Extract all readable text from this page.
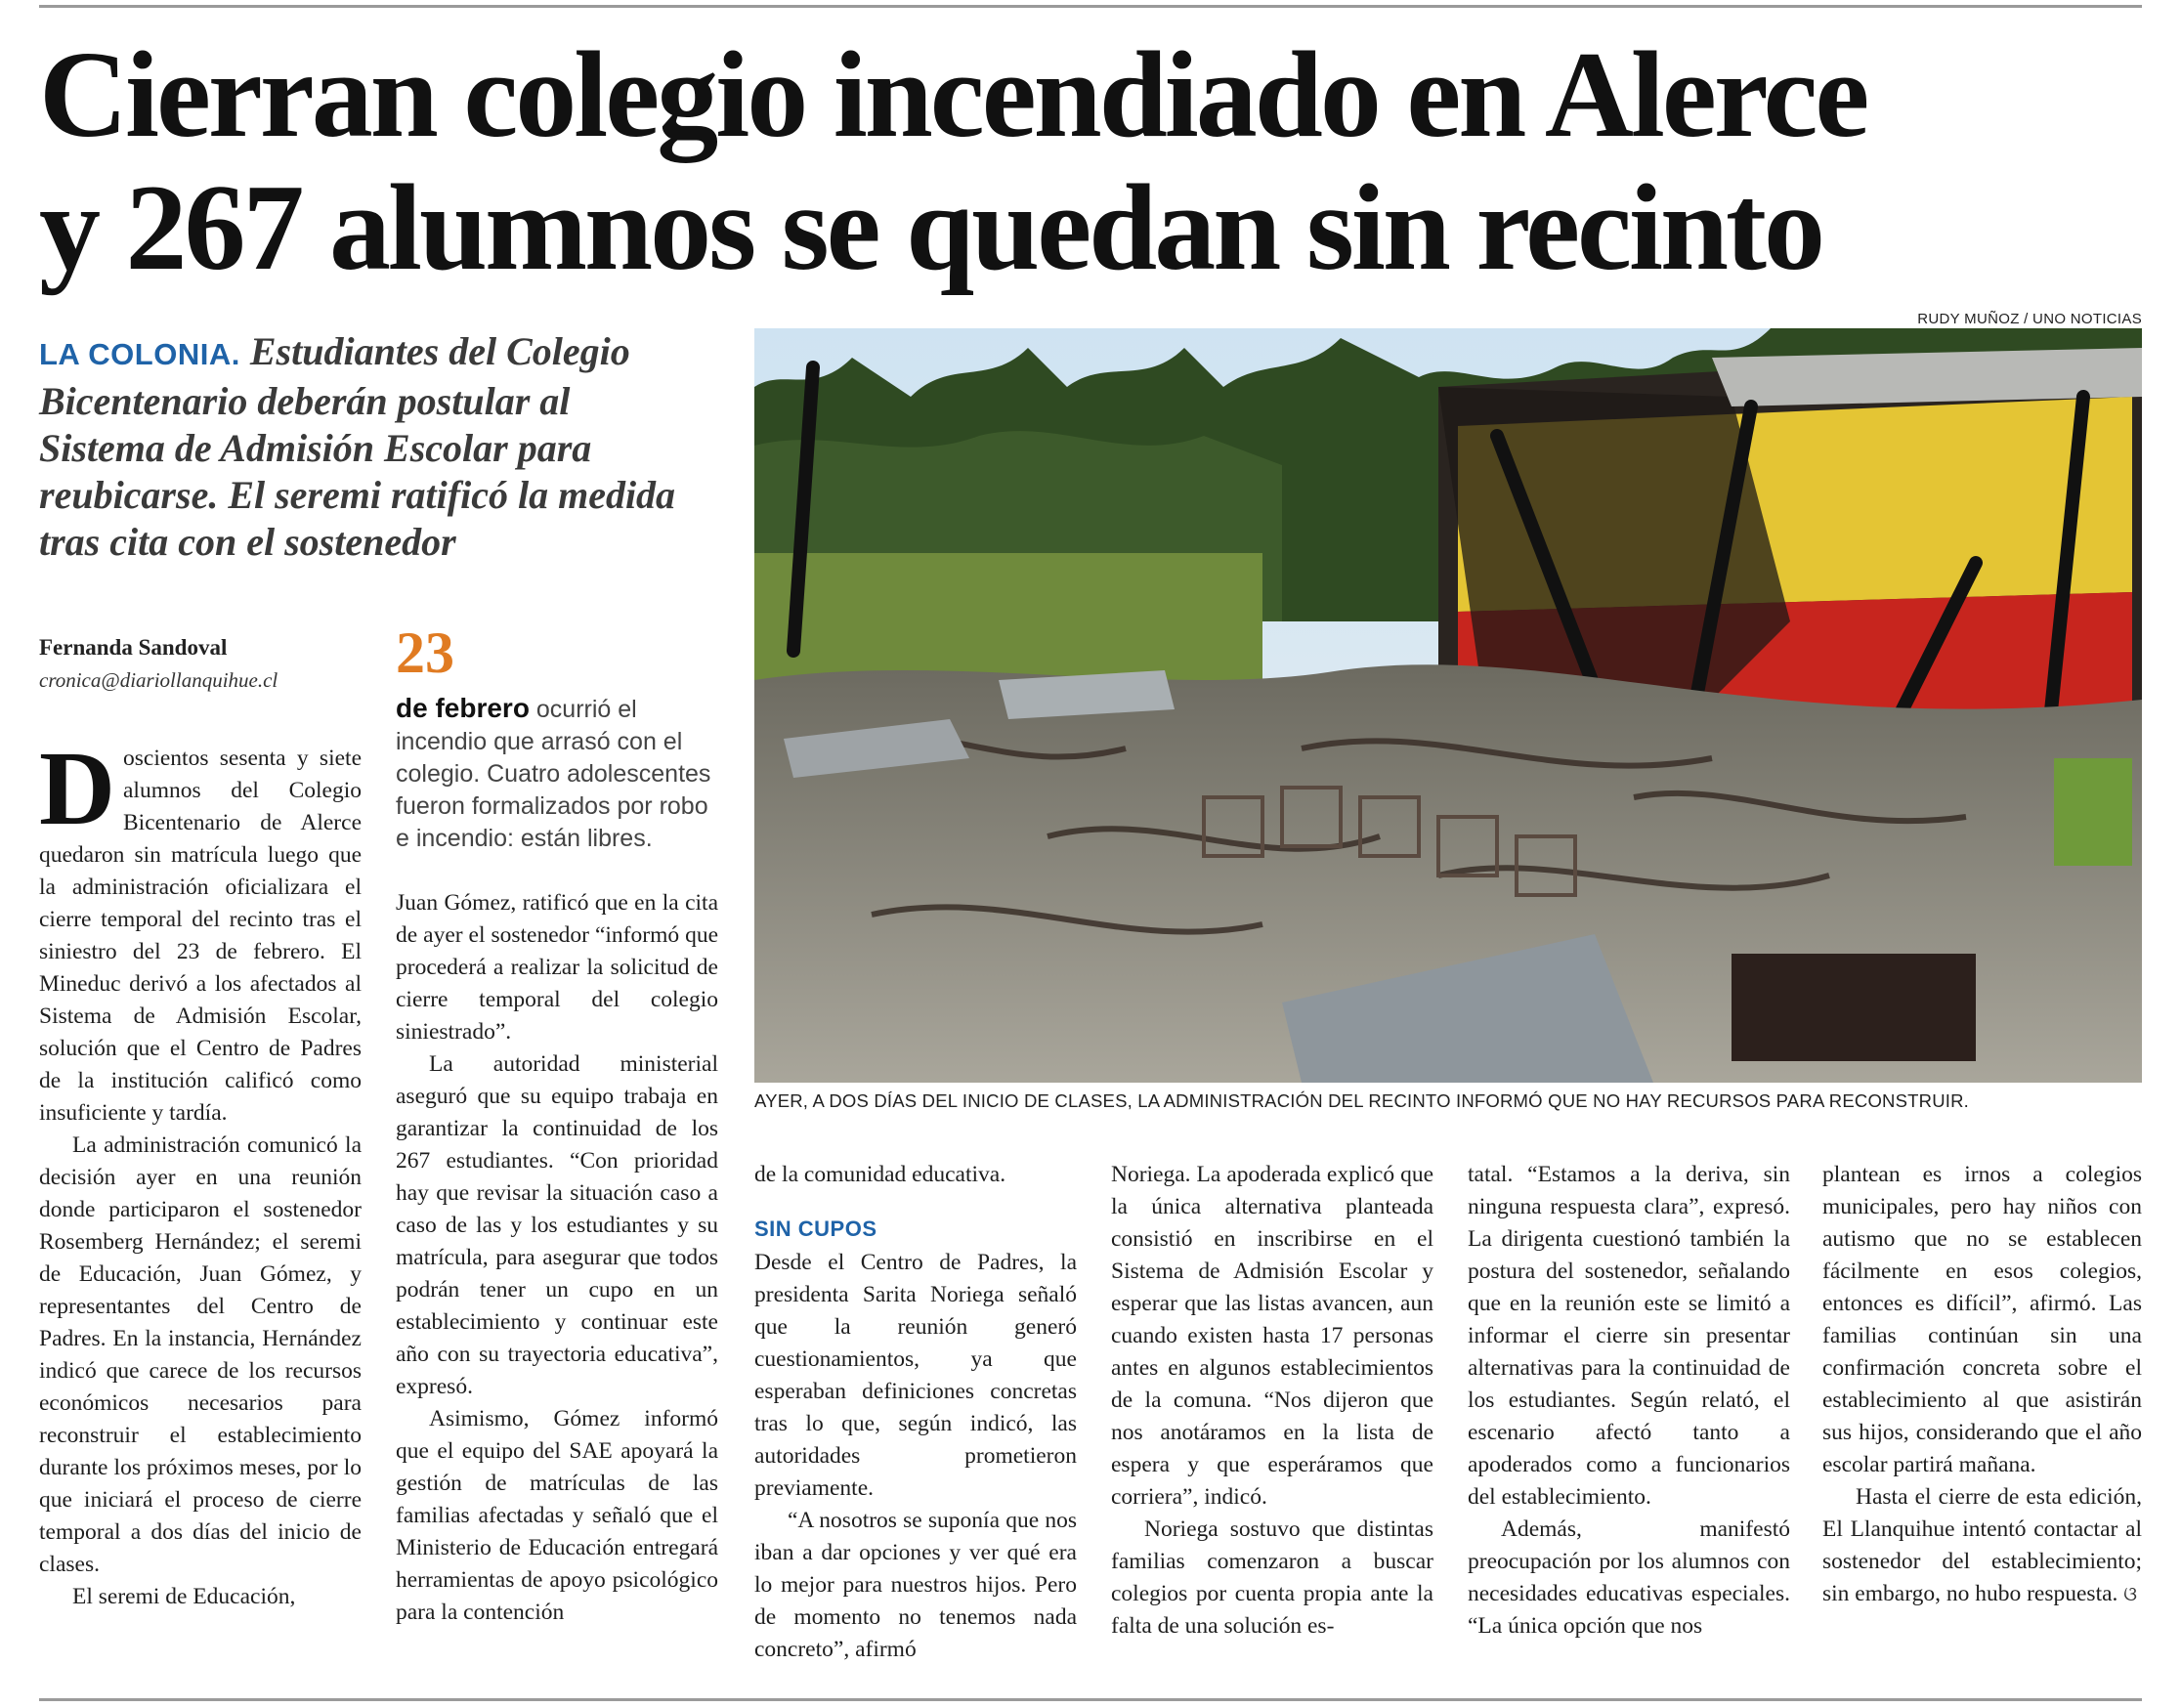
Cierran colegio incendiado en Alerce
y 267 alumnos se quedan sin recinto
RUDY MUÑOZ / UNO NOTICIAS
LA COLONIA. Estudiantes del Colegio Bicentenario deberán postular al Sistema de Admisión Escolar para reubicarse. El seremi ratificó la medida tras cita con el sostenedor
Fernanda Sandoval
cronica@diariollanquihue.cl 23
de febrero ocurrió el incendio que arrasó con el colegio. Cuatro adolescentes fueron formalizados por robo e incendio: están libres.

Doscientos sesenta y siete alumnos del Colegio Bicentenario de Alerce quedaron sin matrícula luego que la administración oficializara el cierre temporal del recinto tras el siniestro del 23 de febrero. El Mineduc derivó a los afectados al Sistema de Admisión Escolar, solución que el Centro de Padres de la institución calificó como insuficiente y tardía.

La administración comunicó la decisión ayer en una reunión donde participaron el sostenedor Rosemberg Hernández; el seremi de Educación, Juan Gómez, y representantes del Centro de Padres. En la instancia, Hernández indicó que carece de los recursos económicos necesarios para reconstruir el establecimiento durante los próximos meses, por lo que iniciará el proceso de cierre temporal a dos días del inicio de clases.

El seremi de Educación,

Juan Gómez, ratificó que en la cita de ayer el sostenedor “informó que procederá a realizar la solicitud de cierre temporal del colegio siniestrado”.

La autoridad ministerial aseguró que su equipo trabaja en garantizar la continuidad de los 267 estudiantes. “Con prioridad hay que revisar la situación caso a caso de las y los estudiantes y su matrícula, para asegurar que todos podrán tener un cupo en un establecimiento y continuar este año con su trayectoria educativa”, expresó.

Asimismo, Gómez informó que el equipo del SAE apoyará la gestión de matrículas de las familias afectadas y señaló que el Ministerio de Educación entregará herramientas de apoyo psicológico para la contención

AYER, A DOS DÍAS DEL INICIO DE CLASES, LA ADMINISTRACIÓN DEL RECINTO INFORMÓ QUE NO HAY RECURSOS PARA RECONSTRUIR.

de la comunidad educativa.

SIN CUPOS

Desde el Centro de Padres, la presidenta Sarita Noriega señaló que la reunión generó cuestionamientos, ya que esperaban definiciones concretas tras lo que, según indicó, las autoridades prometieron previamente.

“A nosotros se suponía que nos iban a dar opciones y ver qué era lo mejor para nuestros hijos. Pero de momento no tenemos nada concreto”, afirmó

Noriega. La apoderada explicó que la única alternativa planteada consistió en inscribirse en el Sistema de Admisión Escolar y esperar que las listas avancen, aun cuando existen hasta 17 personas antes en algunos establecimientos de la comuna. “Nos dijeron que nos anotáramos en la lista de espera y que esperáramos que corriera”, indicó.

Noriega sostuvo que distintas familias comenzaron a buscar colegios por cuenta propia ante la falta de una solución es-

tatal. “Estamos a la deriva, sin ninguna respuesta clara”, expresó. La dirigenta cuestionó también la postura del sostenedor, señalando que en la reunión este se limitó a informar el cierre sin presentar alternativas para la continuidad de los estudiantes. Según relató, el escenario afectó tanto a apoderados como a funcionarios del establecimiento.

Además, manifestó preocupación por los alumnos con necesidades educativas especiales. “La única opción que nos

plantean es irnos a colegios municipales, pero hay niños con autismo que no se establecen fácilmente en esos colegios, entonces es difícil”, afirmó. Las familias continúan sin una confirmación concreta sobre el establecimiento al que asistirán sus hijos, considerando que el año escolar partirá mañana.

Hasta el cierre de esta edición, El Llanquihue intentó contactar al sostenedor del establecimiento; sin embargo, no hubo respuesta. ଓ
